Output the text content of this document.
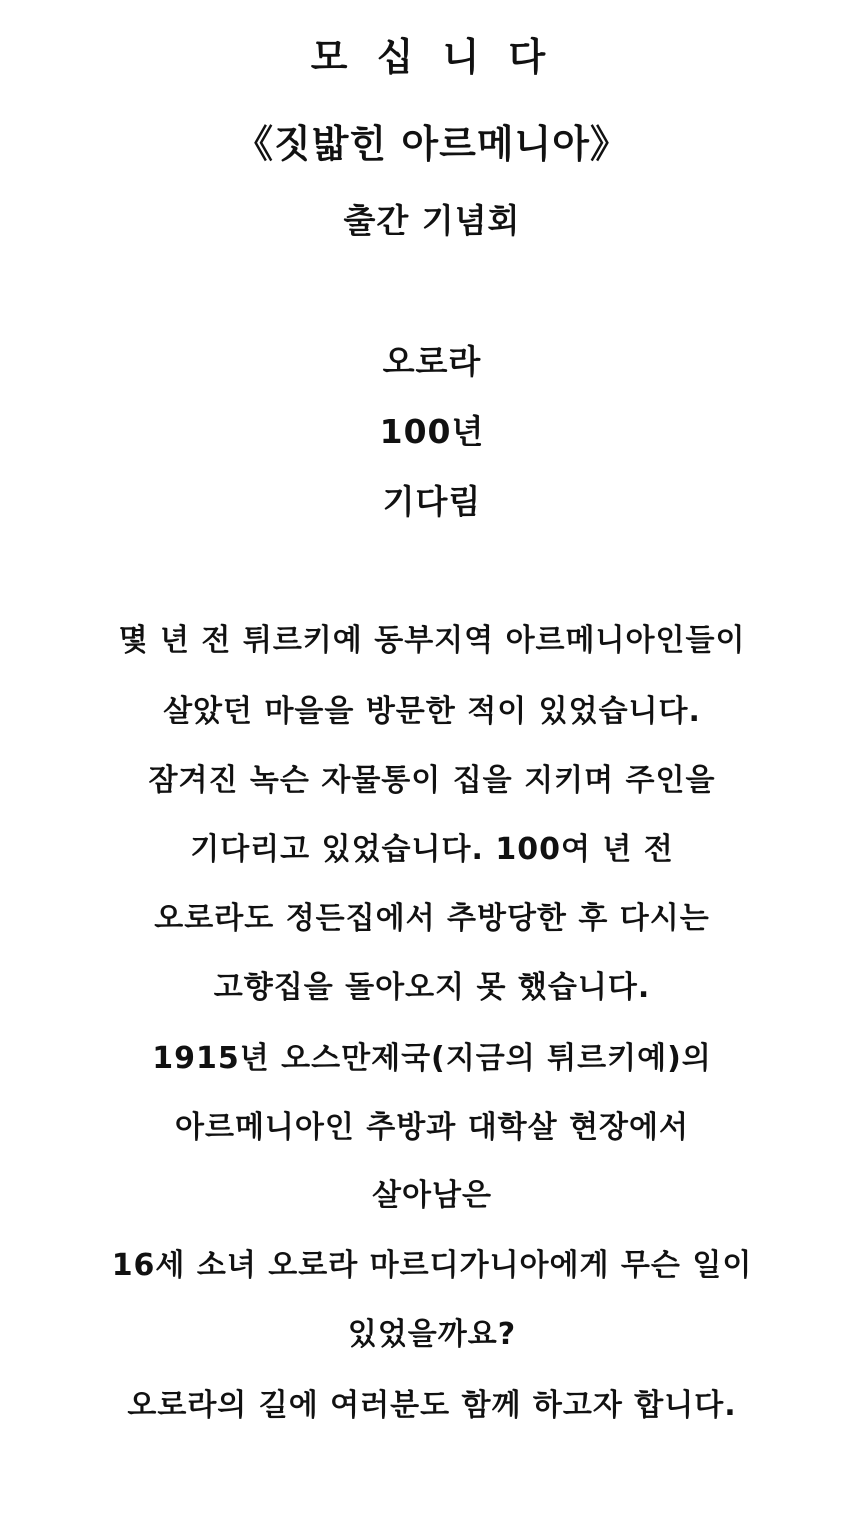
모 십 니 다
《짓밟힌 아르메니아》
출간 기념회
오로라
100년
기다림
몇 년 전 튀르키예 동부지역 아르메니아인들이
살았던 마을을 방문한 적이 있었습니다.
잠겨진 녹슨 자물통이 집을 지키며 주인을
기다리고 있었습니다. 100여 년 전
오로라도 정든집에서 추방당한 후 다시는
고향집을 돌아오지 못 했습니다.
1915년 오스만제국(지금의 튀르키예)의
아르메니아인 추방과 대학살 현장에서
살아남은
16세 소녀 오로라 마르디가니아에게 무슨 일이
있었을까요?
오로라의 길에 여러분도 함께 하고자 합니다.
